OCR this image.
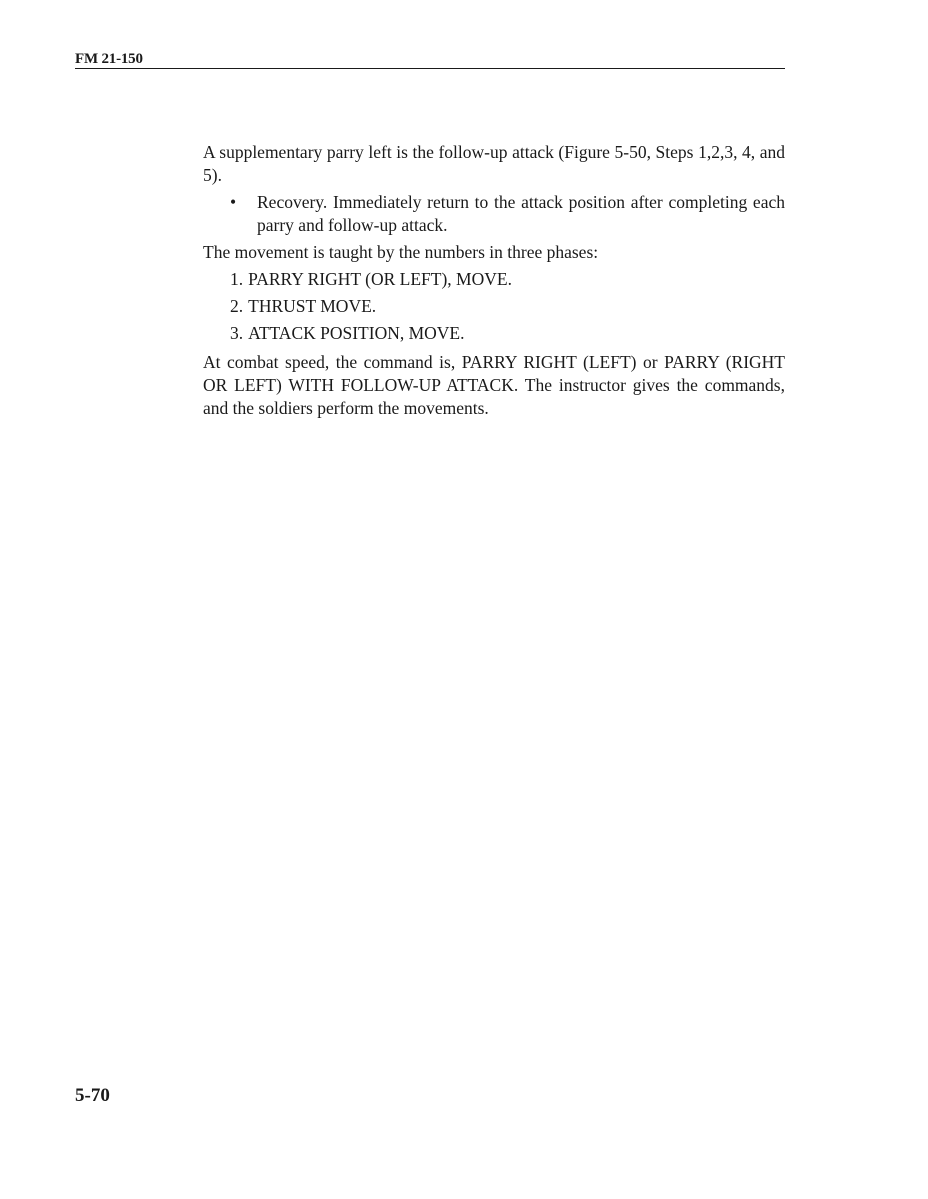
FM 21-150

A supplementary parry left is the follow-up attack (Figure 5-50, Steps 1,2,3, 4, and 5).

• Recovery. Immediately return to the attack position after completing each parry and follow-up attack.

The movement is taught by the numbers in three phases:

1. PARRY RIGHT (OR LEFT), MOVE.
2. THRUST MOVE.
3. ATTACK POSITION, MOVE.

At combat speed, the command is, PARRY RIGHT (LEFT) or PARRY (RIGHT OR LEFT) WITH FOLLOW-UP ATTACK. The instructor gives the commands, and the soldiers perform the movements.

5-70
